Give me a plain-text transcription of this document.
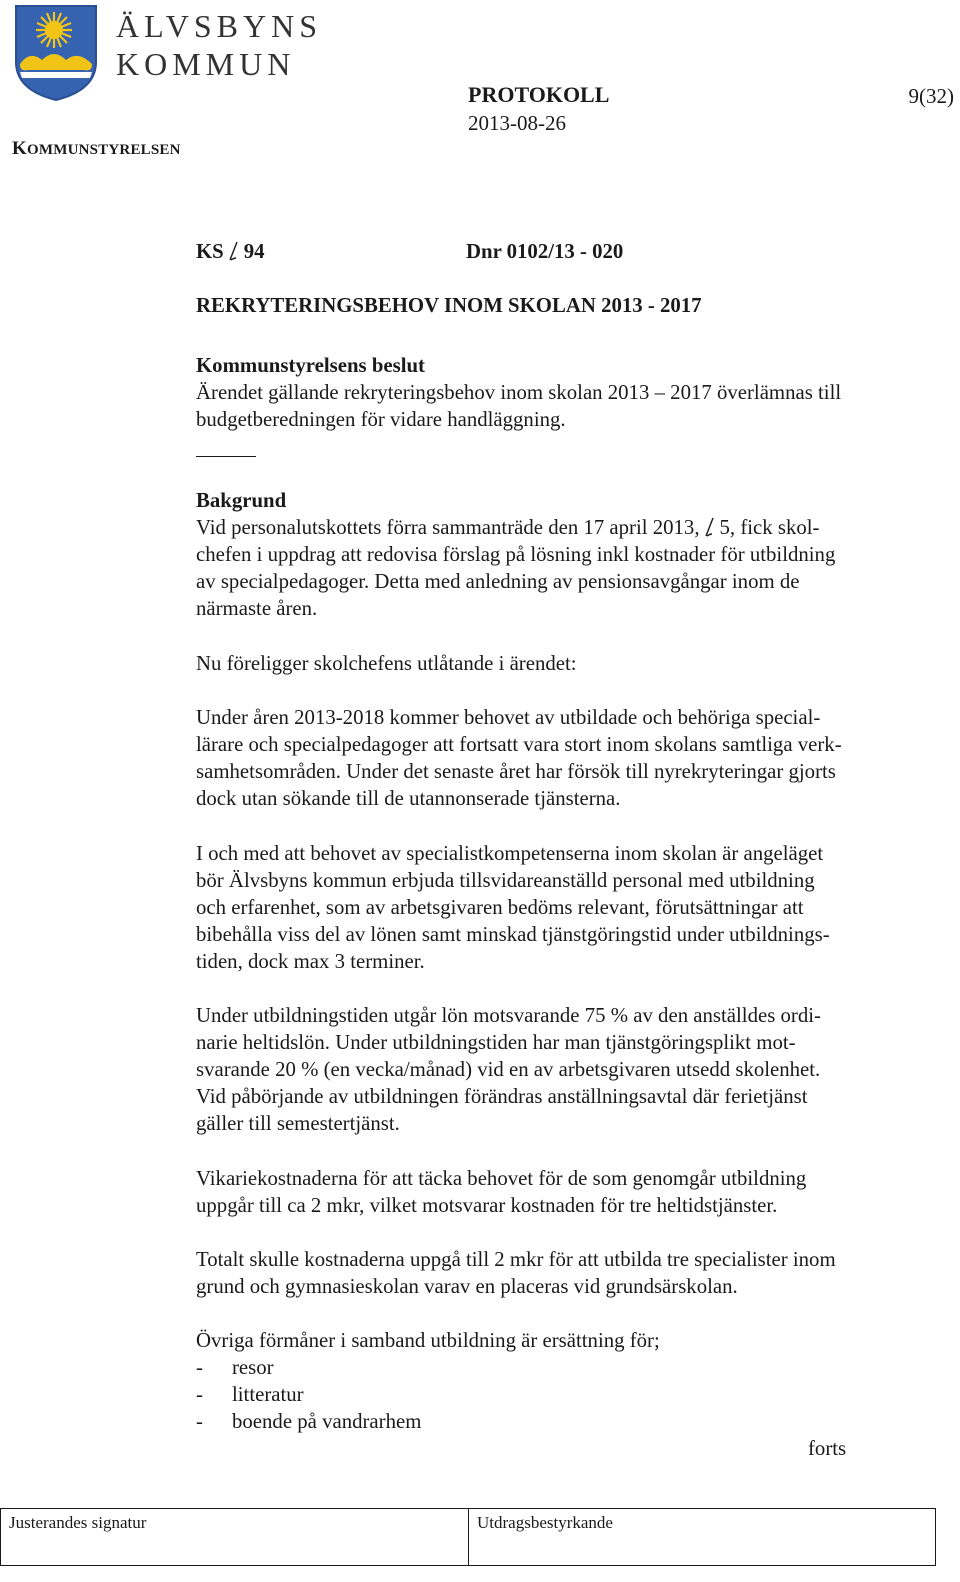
ÄLVSBYNS
KOMMUN
KOMMUNSTYRELSEN
PROTOKOLL
2013-08-26
9(32)
KS 94	Dnr 0102/13 - 020
REKRYTERINGSBEHOV INOM SKOLAN 2013 - 2017
Kommunstyrelsens beslut
Ärendet gällande rekryteringsbehov inom skolan 2013 – 2017 överlämnas till
budgetberedningen för vidare handläggning.
Bakgrund
Vid personalutskottets förra sammanträde den 17 april 2013, 5, fick skol-
chefen i uppdrag att redovisa förslag på lösning inkl kostnader för utbildning
av specialpedagoger. Detta med anledning av pensionsavgångar inom de
närmaste åren.
Nu föreligger skolchefens utlåtande i ärendet:
Under åren 2013-2018 kommer behovet av utbildade och behöriga special-
lärare och specialpedagoger att fortsatt vara stort inom skolans samtliga verk-
samhetsområden. Under det senaste året har försök till nyrekryteringar gjorts
dock utan sökande till de utannonserade tjänsterna.
I och med att behovet av specialistkompetenserna inom skolan är angeläget
bör Älvsbyns kommun erbjuda tillsvidareanställd personal med utbildning
och erfarenhet, som av arbetsgivaren bedöms relevant, förutsättningar att
bibehålla viss del av lönen samt minskad tjänstgöringstid under utbildnings-
tiden, dock max 3 terminer.
Under utbildningstiden utgår lön motsvarande 75 % av den anställdes ordi-
narie heltidslön. Under utbildningstiden har man tjänstgöringsplikt mot-
svarande 20 % (en vecka/månad) vid en av arbetsgivaren utsedd skolenhet.
Vid påbörjande av utbildningen förändras anställningsavtal där ferietjänst
gäller till semestertjänst.
Vikariekostnaderna för att täcka behovet för de som genomgår utbildning
uppgår till ca 2 mkr, vilket motsvarar kostnaden för tre heltidstjänster.
Totalt skulle kostnaderna uppgå till 2 mkr för att utbilda tre specialister inom
grund och gymnasieskolan varav en placeras vid grundsärskolan.
Övriga förmåner i samband utbildning är ersättning för;
- resor
- litteratur
- boende på vandrarhem
forts
Justerandes signatur	Utdragsbestyrkande
